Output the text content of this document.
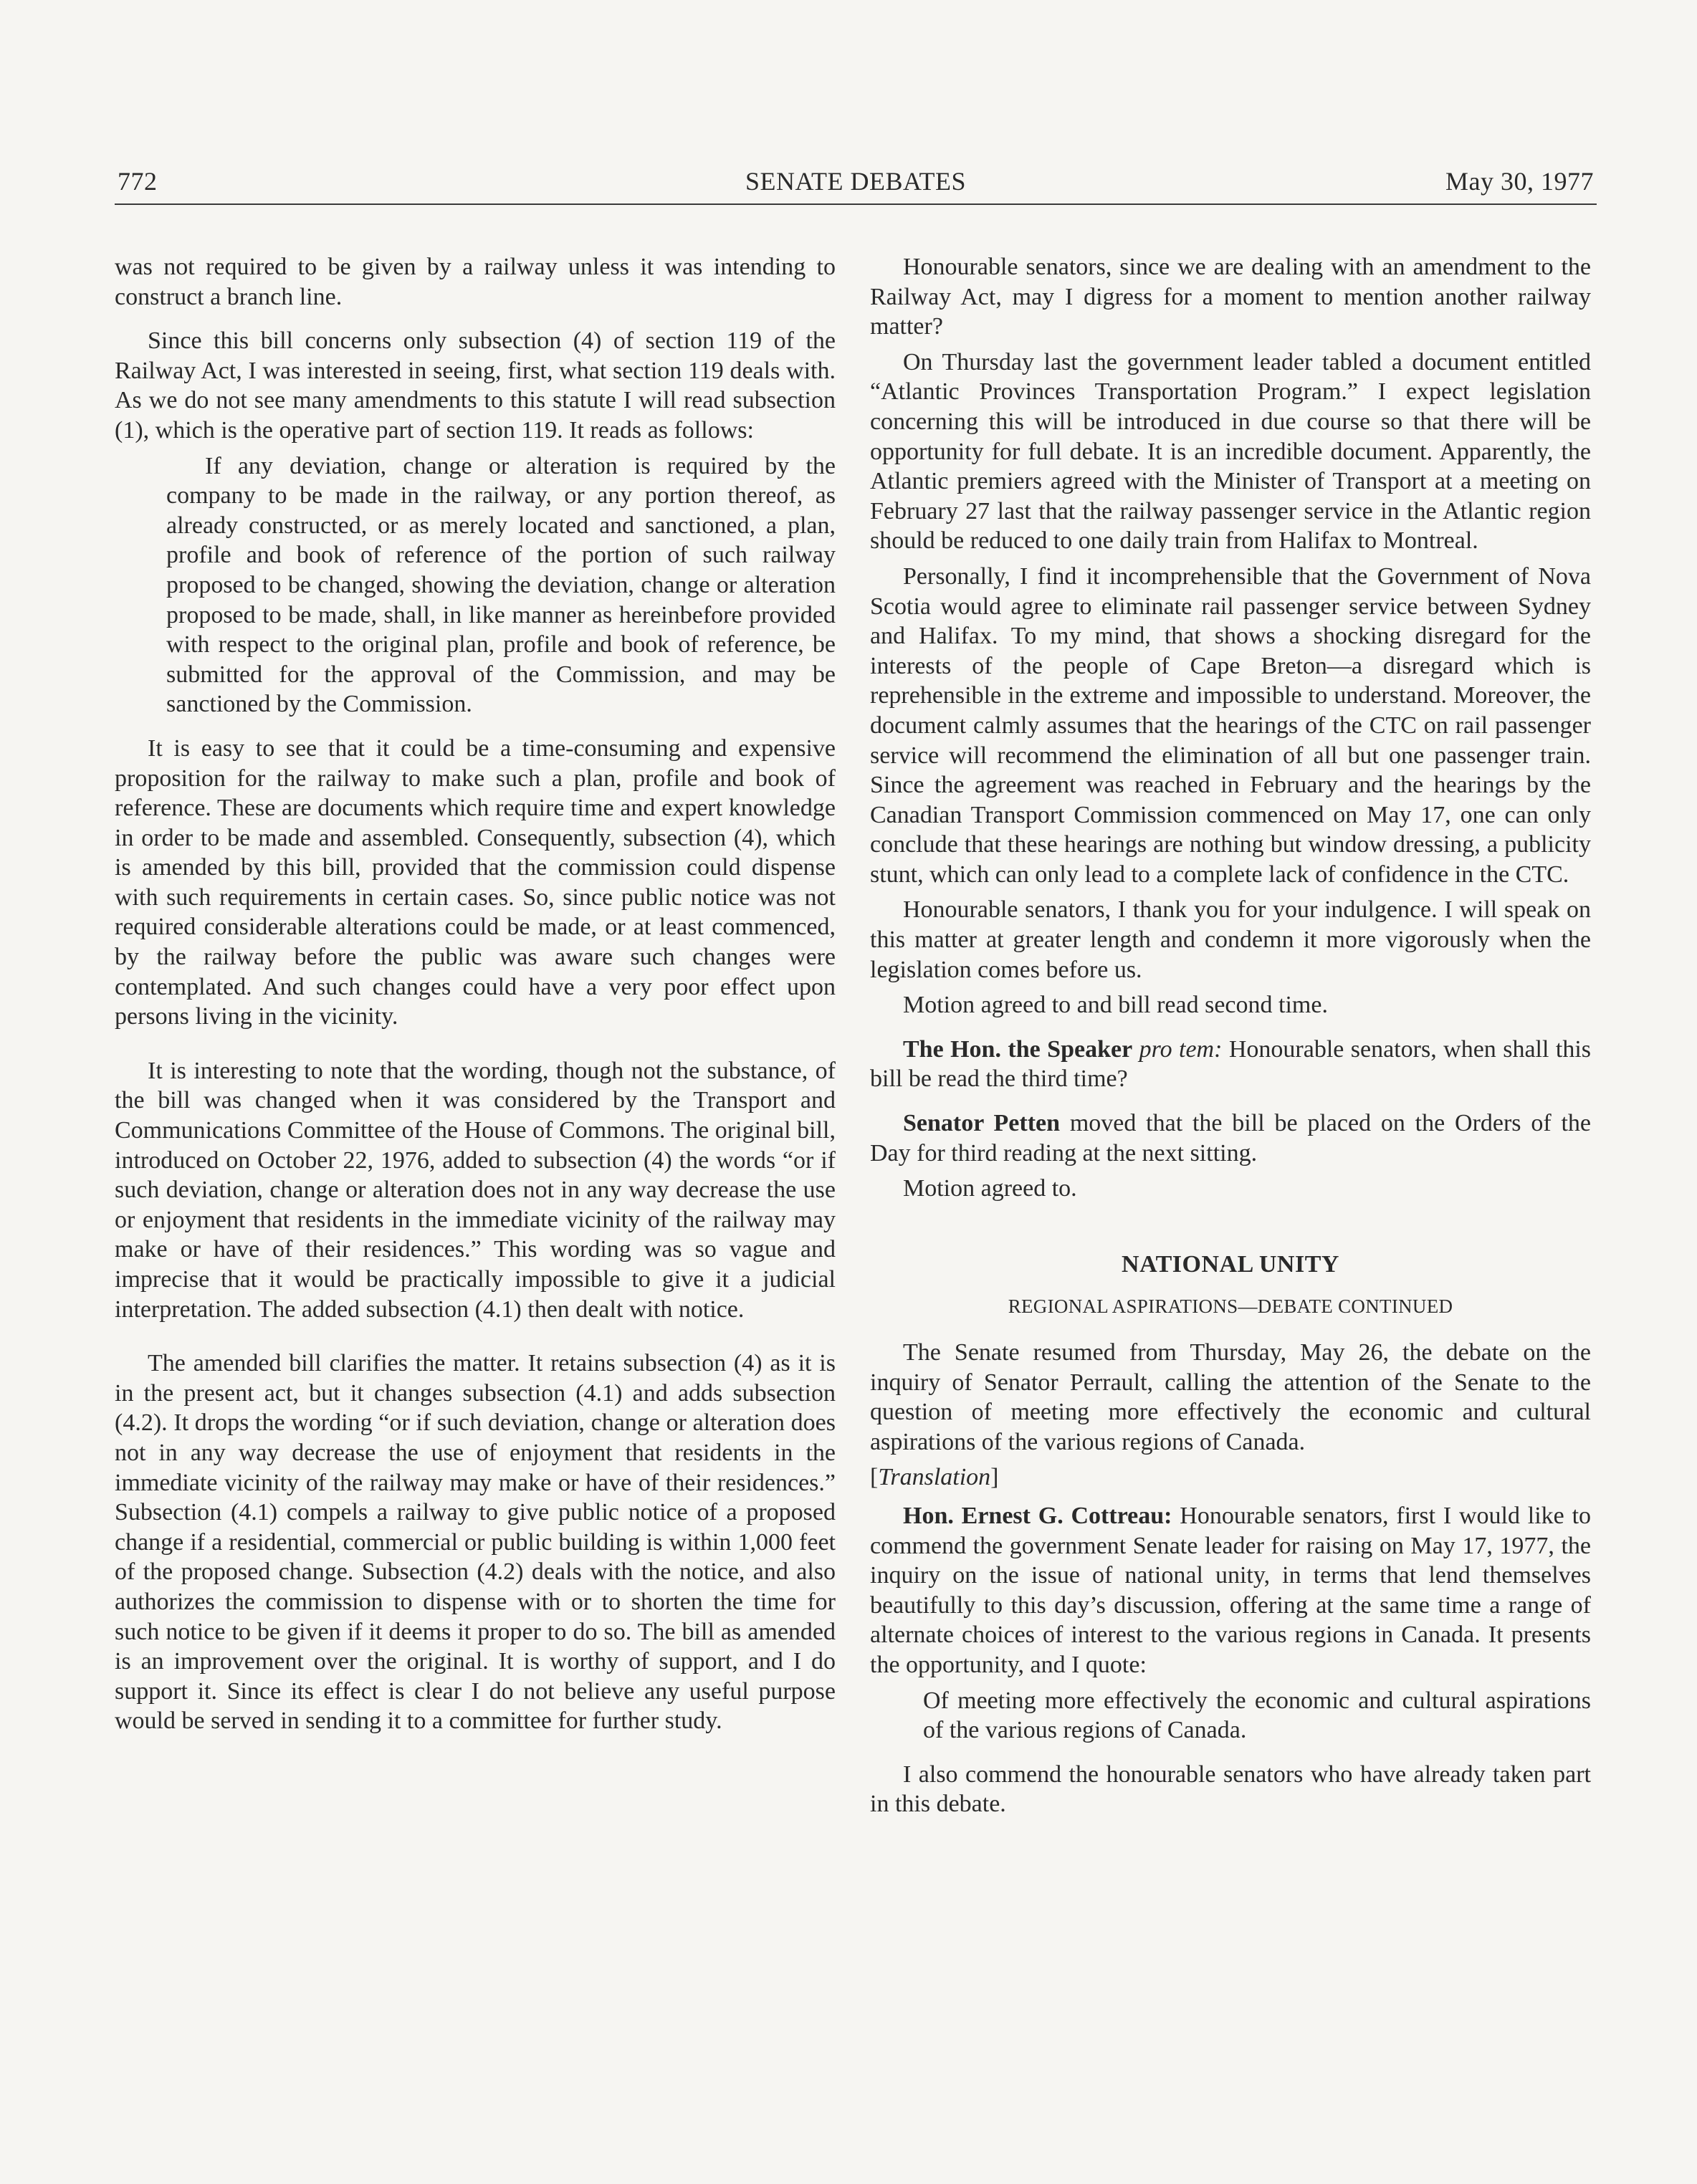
772	SENATE DEBATES	May 30, 1977

was not required to be given by a railway unless it was intending to construct a branch line.

Since this bill concerns only subsection (4) of section 119 of the Railway Act, I was interested in seeing, first, what section 119 deals with. As we do not see many amendments to this statute I will read subsection (1), which is the operative part of section 119. It reads as follows:

If any deviation, change or alteration is required by the company to be made in the railway, or any portion thereof, as already constructed, or as merely located and sanctioned, a plan, profile and book of reference of the portion of such railway proposed to be changed, showing the deviation, change or alteration proposed to be made, shall, in like manner as hereinbefore provided with respect to the original plan, profile and book of reference, be submitted for the approval of the Commission, and may be sanctioned by the Commission.

It is easy to see that it could be a time-consuming and expensive proposition for the railway to make such a plan, profile and book of reference. These are documents which require time and expert knowledge in order to be made and assembled. Consequently, subsection (4), which is amended by this bill, provided that the commission could dispense with such requirements in certain cases. So, since public notice was not required considerable alterations could be made, or at least commenced, by the railway before the public was aware such changes were contemplated. And such changes could have a very poor effect upon persons living in the vicinity.

It is interesting to note that the wording, though not the substance, of the bill was changed when it was considered by the Transport and Communications Committee of the House of Commons. The original bill, introduced on October 22, 1976, added to subsection (4) the words “or if such deviation, change or alteration does not in any way decrease the use or enjoyment that residents in the immediate vicinity of the railway may make or have of their residences.” This wording was so vague and imprecise that it would be practically impossible to give it a judicial interpretation. The added subsection (4.1) then dealt with notice.

The amended bill clarifies the matter. It retains subsection (4) as it is in the present act, but it changes subsection (4.1) and adds subsection (4.2). It drops the wording “or if such deviation, change or alteration does not in any way decrease the use of enjoyment that residents in the immediate vicinity of the railway may make or have of their residences.” Subsection (4.1) compels a railway to give public notice of a proposed change if a residential, commercial or public building is within 1,000 feet of the proposed change. Subsection (4.2) deals with the notice, and also authorizes the commission to dispense with or to shorten the time for such notice to be given if it deems it proper to do so. The bill as amended is an improvement over the original. It is worthy of support, and I do support it. Since its effect is clear I do not believe any useful purpose would be served in sending it to a committee for further study.

Honourable senators, since we are dealing with an amendment to the Railway Act, may I digress for a moment to mention another railway matter?

On Thursday last the government leader tabled a document entitled “Atlantic Provinces Transportation Program.” I expect legislation concerning this will be introduced in due course so that there will be opportunity for full debate. It is an incredible document. Apparently, the Atlantic premiers agreed with the Minister of Transport at a meeting on February 27 last that the railway passenger service in the Atlantic region should be reduced to one daily train from Halifax to Montreal.

Personally, I find it incomprehensible that the Government of Nova Scotia would agree to eliminate rail passenger service between Sydney and Halifax. To my mind, that shows a shocking disregard for the interests of the people of Cape Breton—a disregard which is reprehensible in the extreme and impossible to understand. Moreover, the document calmly assumes that the hearings of the CTC on rail passenger service will recommend the elimination of all but one passenger train. Since the agreement was reached in February and the hearings by the Canadian Transport Commission commenced on May 17, one can only conclude that these hearings are nothing but window dressing, a publicity stunt, which can only lead to a complete lack of confidence in the CTC.

Honourable senators, I thank you for your indulgence. I will speak on this matter at greater length and condemn it more vigorously when the legislation comes before us.

Motion agreed to and bill read second time.

The Hon. the Speaker pro tem: Honourable senators, when shall this bill be read the third time?

Senator Petten moved that the bill be placed on the Orders of the Day for third reading at the next sitting.

Motion agreed to.

NATIONAL UNITY
REGIONAL ASPIRATIONS—DEBATE CONTINUED

The Senate resumed from Thursday, May 26, the debate on the inquiry of Senator Perrault, calling the attention of the Senate to the question of meeting more effectively the economic and cultural aspirations of the various regions of Canada.

[Translation]

Hon. Ernest G. Cottreau: Honourable senators, first I would like to commend the government Senate leader for raising on May 17, 1977, the inquiry on the issue of national unity, in terms that lend themselves beautifully to this day’s discussion, offering at the same time a range of alternate choices of interest to the various regions in Canada. It presents the opportunity, and I quote:

Of meeting more effectively the economic and cultural aspirations of the various regions of Canada.

I also commend the honourable senators who have already taken part in this debate.
